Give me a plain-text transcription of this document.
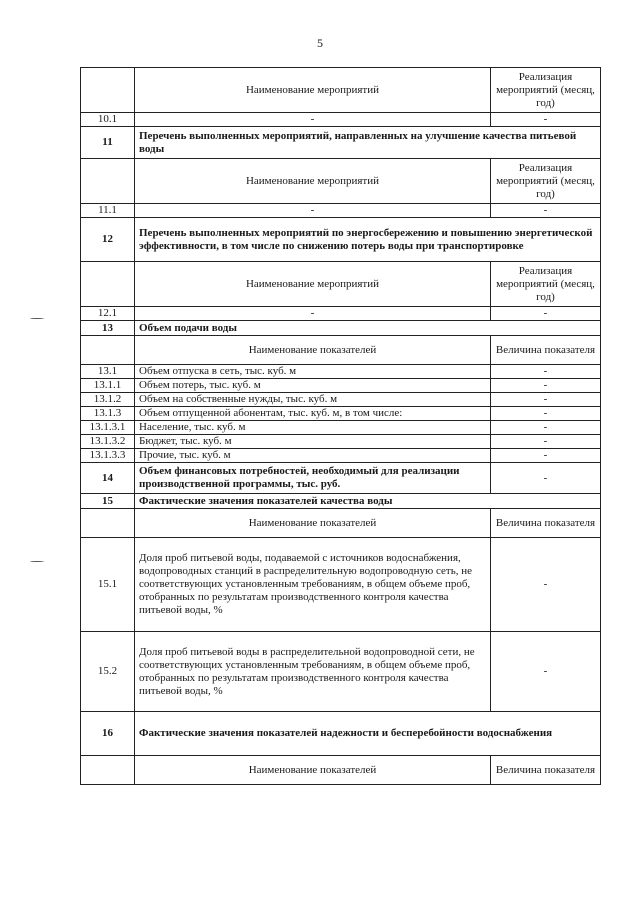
5
	Наименование мероприятий	Реализация мероприятий (месяц, год)
10.1	-	-
11	Перечень выполненных мероприятий, направленных на улучшение качества питьевой воды	
	Наименование мероприятий	Реализация мероприятий (месяц, год)
11.1	-	-
12	Перечень выполненных мероприятий по энергосбережению и повышению энергетической эффективности, в том числе по снижению потерь воды при транспортировке	
	Наименование мероприятий	Реализация мероприятий (месяц, год)
12.1	-	-
13	Объем подачи воды	
	Наименование показателей	Величина показателя
13.1	Объем отпуска в сеть, тыс. куб. м	-
13.1.1	Объем потерь, тыс. куб. м	-
13.1.2	Объем на собственные нужды, тыс. куб. м	-
13.1.3	Объем отпущенной абонентам, тыс. куб. м, в том числе:	-
13.1.3.1	Население, тыс. куб. м	-
13.1.3.2	Бюджет, тыс. куб. м	-
13.1.3.3	Прочие, тыс. куб. м	-
14	Объем финансовых потребностей, необходимый для реализации производственной программы, тыс. руб.	-
15	Фактические значения показателей качества воды	
	Наименование показателей	Величина показателя
15.1	Доля проб питьевой воды, подаваемой с источников водоснабжения, водопроводных станций в распределительную водопроводную сеть, не соответствующих установленным требованиям, в общем объеме проб, отобранных по результатам производственного контроля качества питьевой воды, %	-
15.2	Доля проб питьевой воды в распределительной водопроводной сети, не соответствующих установленным требованиям, в общем объеме проб, отобранных по результатам производственного контроля качества питьевой воды, %	-
16	Фактические значения показателей надежности и бесперебойности водоснабжения	
	Наименование показателей	Величина показателя
